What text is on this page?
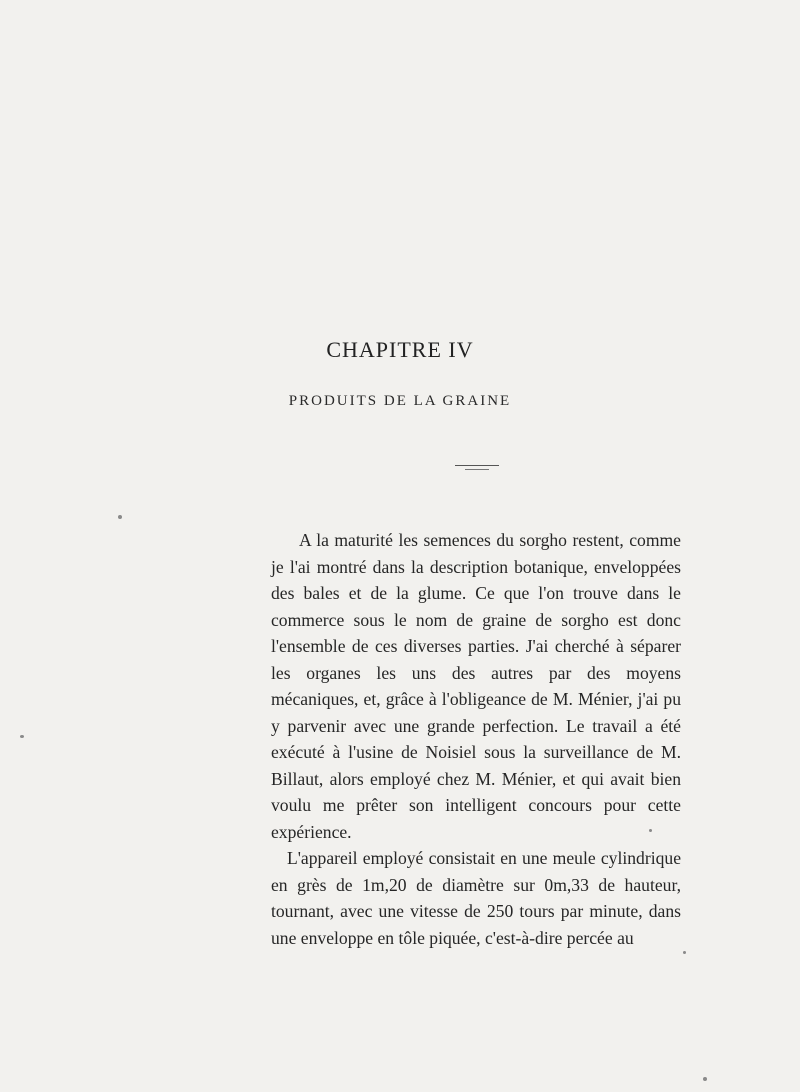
CHAPITRE IV
PRODUITS DE LA GRAINE

A la maturité les semences du sorgho restent, comme je l'ai montré dans la description botanique, enveloppées des bales et de la glume. Ce que l'on trouve dans le commerce sous le nom de graine de sorgho est donc l'ensemble de ces diverses parties. J'ai cherché à séparer les organes les uns des autres par des moyens mécaniques, et, grâce à l'obligeance de M. Ménier, j'ai pu y parvenir avec une grande perfection. Le travail a été exécuté à l'usine de Noisiel sous la surveillance de M. Billaut, alors employé chez M. Ménier, et qui avait bien voulu me prêter son intelligent concours pour cette expérience.

L'appareil employé consistait en une meule cylindrique en grès de 1m,20 de diamètre sur 0m,33 de hauteur, tournant, avec une vitesse de 250 tours par minute, dans une enveloppe en tôle piquée, c'est-à-dire percée au
